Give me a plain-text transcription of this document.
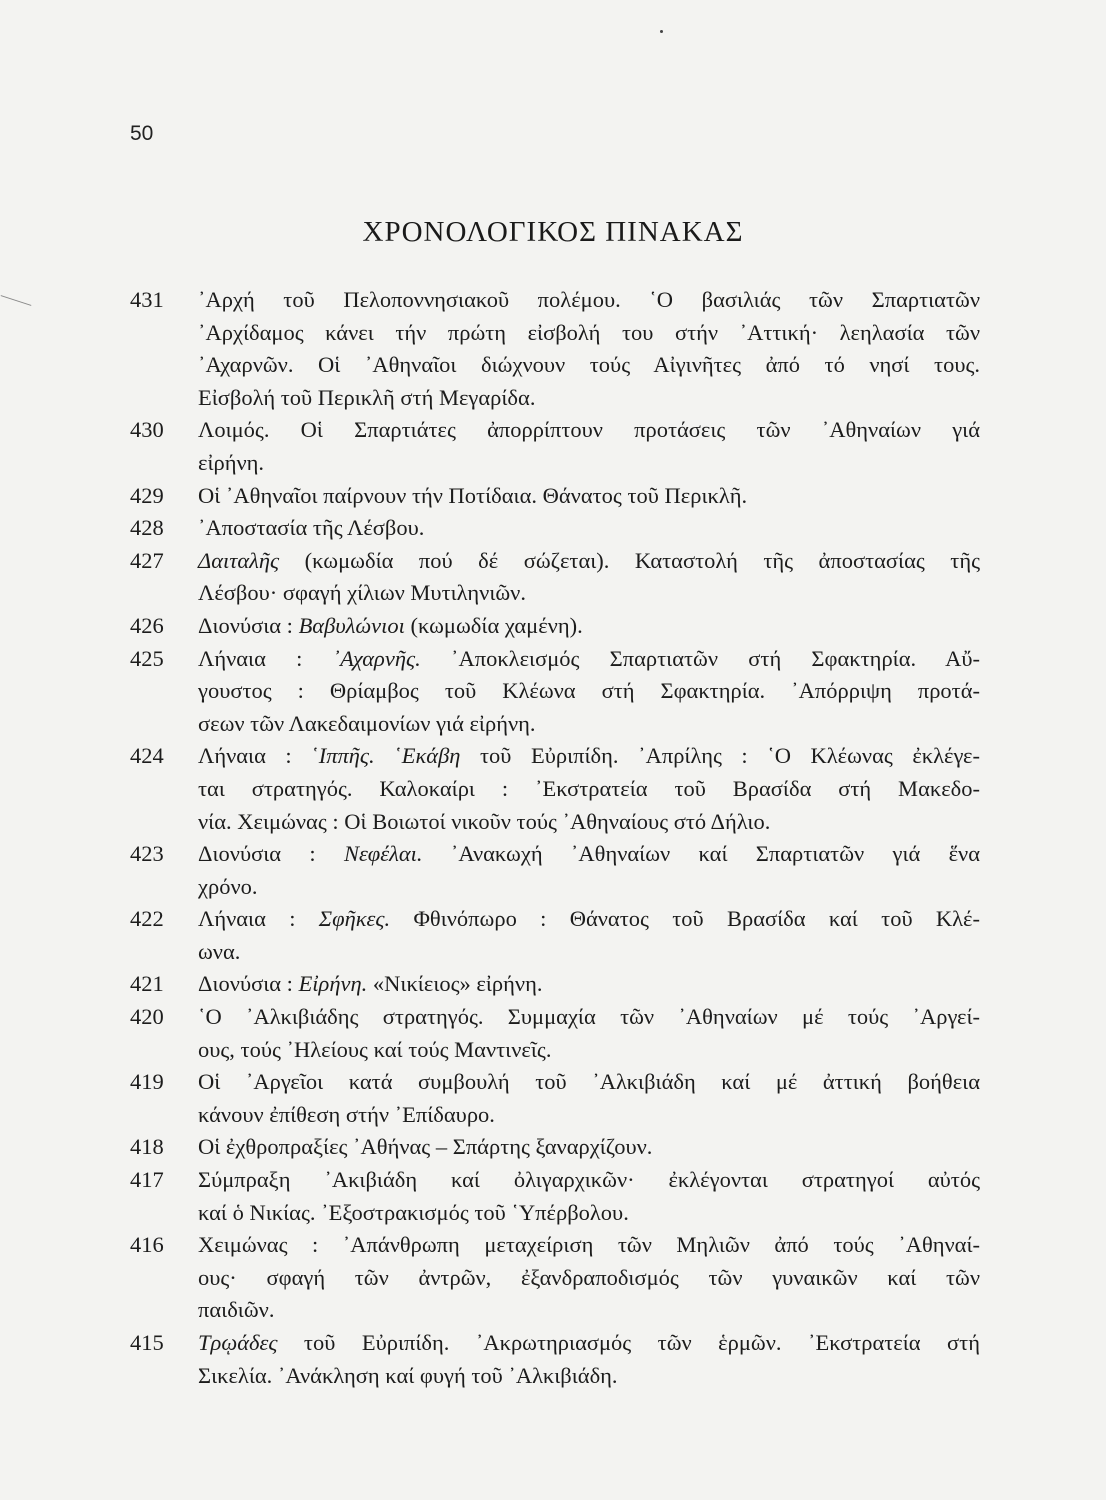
50
ΧΡΟΝΟΛΟΓΙΚΟΣ ΠΙΝΑΚΑΣ
431	᾿Αρχή τοῦ Πελοποννησιακοῦ πολέμου. ῾Ο βασιλιάς τῶν Σπαρτιατῶν
᾿Αρχίδαμος κάνει τήν πρώτη εἰσβολή του στήν ᾿Αττική· λεηλασία τῶν
᾿Αχαρνῶν. Οἱ ᾿Αθηναῖοι διώχνουν τούς Αἰγινῆτες ἀπό τό νησί τους.
Εἰσβολή τοῦ Περικλῆ στή Μεγαρίδα.
430	Λοιμός. Οἱ Σπαρτιάτες ἀπορρίπτουν προτάσεις τῶν ᾿Αθηναίων γιά
εἰρήνη.
429	Οἱ ᾿Αθηναῖοι παίρνουν τήν Ποτίδαια. Θάνατος τοῦ Περικλῆ.
428	᾿Αποστασία τῆς Λέσβου.
427	Δαιταλῆς (κωμωδία πού δέ σώζεται). Καταστολή τῆς ἀποστασίας τῆς
Λέσβου· σφαγή χίλιων Μυτιληνιῶν.
426	Διονύσια : Βαβυλώνιοι (κωμωδία χαμένη).
425	Λήναια : ᾿Αχαρνῆς. ᾿Αποκλεισμός Σπαρτιατῶν στή Σφακτηρία. Αὔ-
γουστος : Θρίαμβος τοῦ Κλέωνα στή Σφακτηρία. ᾿Απόρριψη προτά-
σεων τῶν Λακεδαιμονίων γιά εἰρήνη.
424	Λήναια : ῾Ιππῆς. ῾Εκάβη τοῦ Εὐριπίδη. ᾿Απρίλης : ῾Ο Κλέωνας ἐκλέγε-
ται στρατηγός. Καλοκαίρι : ᾿Εκστρατεία τοῦ Βρασίδα στή Μακεδο-
νία. Χειμώνας : Οἱ Βοιωτοί νικοῦν τούς ᾿Αθηναίους στό Δήλιο.
423	Διονύσια : Νεφέλαι. ᾿Ανακωχή ᾿Αθηναίων καί Σπαρτιατῶν γιά ἕνα
χρόνο.
422	Λήναια : Σφῆκες. Φθινόπωρο : Θάνατος τοῦ Βρασίδα καί τοῦ Κλέ-
ωνα.
421	Διονύσια : Εἰρήνη. «Νικίειος» εἰρήνη.
420	῾Ο ᾿Αλκιβιάδης στρατηγός. Συμμαχία τῶν ᾿Αθηναίων μέ τούς ᾿Αργεί-
ους, τούς ᾿Ηλείους καί τούς Μαντινεῖς.
419	Οἱ ᾿Αργεῖοι κατά συμβουλή τοῦ ᾿Αλκιβιάδη καί μέ ἀττική βοήθεια
κάνουν ἐπίθεση στήν ᾿Επίδαυρο.
418	Οἱ ἐχθροπραξίες ᾿Αθήνας – Σπάρτης ξαναρχίζουν.
417	Σύμπραξη ᾿Ακιβιάδη καί ὀλιγαρχικῶν· ἐκλέγονται στρατηγοί αὐτός
καί ὁ Νικίας. ᾿Εξοστρακισμός τοῦ ῾Υπέρβολου.
416	Χειμώνας : ᾿Απάνθρωπη μεταχείριση τῶν Μηλιῶν ἀπό τούς ᾿Αθηναί-
ους· σφαγή τῶν ἀντρῶν, ἐξανδραποδισμός τῶν γυναικῶν καί τῶν
παιδιῶν.
415	Τρῳάδες τοῦ Εὐριπίδη. ᾿Ακρωτηριασμός τῶν ἑρμῶν. ᾿Εκστρατεία στή
Σικελία. ᾿Ανάκληση καί φυγή τοῦ ᾿Αλκιβιάδη.
